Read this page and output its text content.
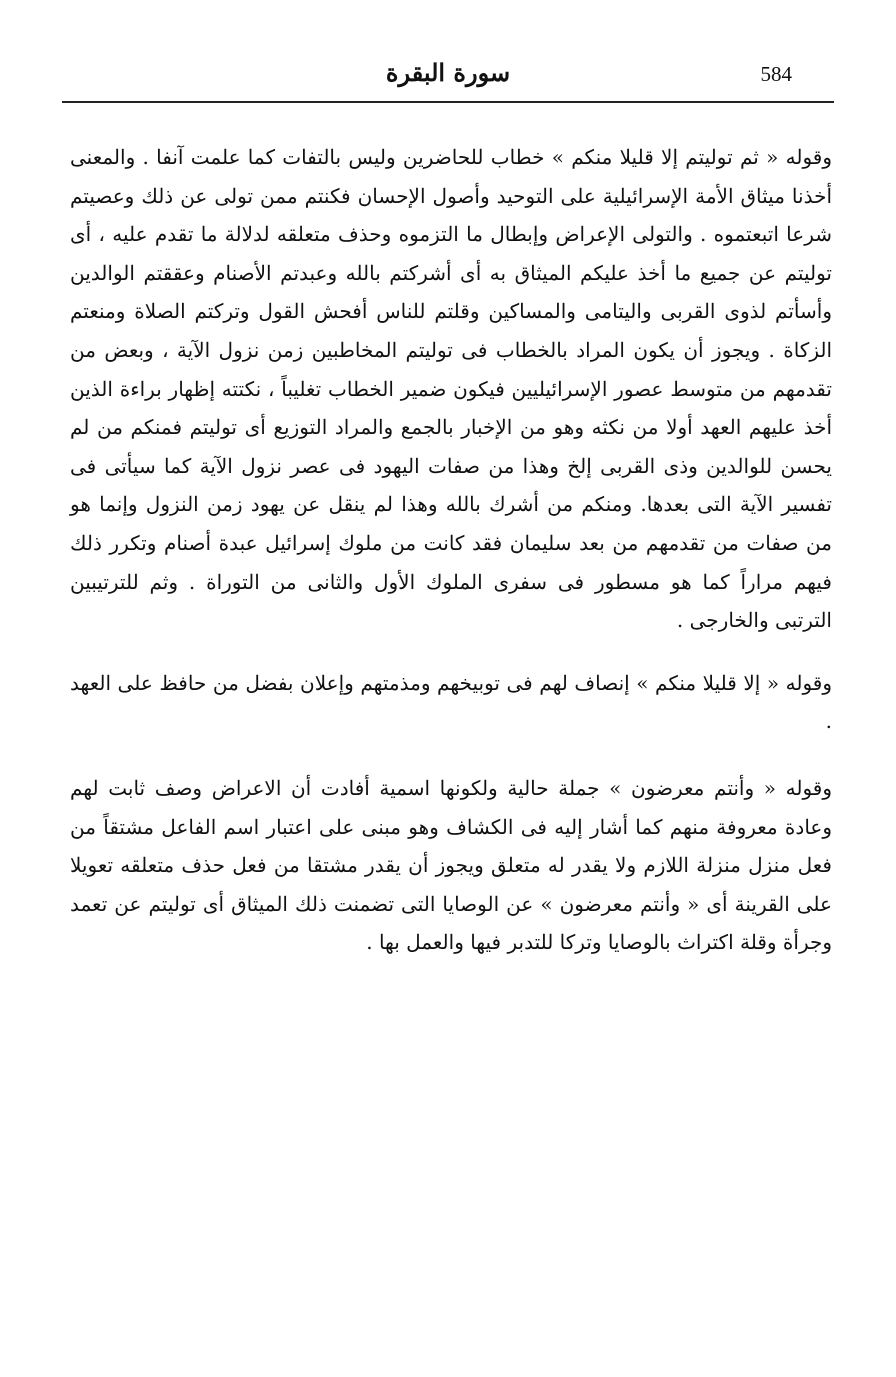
سورة البقرة	584

وقوله « ثم توليتم إلا قليلا منكم » خطاب للحاضرين وليس بالتفات كما علمت آنفا . والمعنى أخذنا ميثاق الأمة الإسرائيلية على التوحيد وأصول الإحسان فكنتم ممن تولى عن ذلك وعصيتم شرعا اتبعتموه . والتولى الإعراض وإبطال ما التزموه وحذف متعلقه لدلالة ما تقدم عليه ، أى توليتم عن جميع ما أخذ عليكم الميثاق به أى أشركتم بالله وعبدتم الأصنام وعققتم الوالدين وأسأتم لذوى القربى واليتامى والمساكين وقلتم للناس أفحش القول وتركتم الصلاة ومنعتم الزكاة . ويجوز أن يكون المراد بالخطاب فى توليتم المخاطبين زمن نزول الآية ، وبعض من تقدمهم من متوسط عصور الإسرائيليين فيكون ضمير الخطاب تغليباً ، نكتته إظهار براءة الذين أخذ عليهم العهد أولا من نكثه وهو من الإخبار بالجمع والمراد التوزيع أى توليتم فمنكم من لم يحسن للوالدين وذى القربى إلخ وهذا من صفات اليهود فى عصر نزول الآية كما سيأتى فى تفسير الآية التى بعدها. ومنكم من أشرك بالله وهذا لم ينقل عن يهود زمن النزول وإنما هو من صفات من تقدمهم من بعد سليمان فقد كانت من ملوك إسرائيل عبدة أصنام وتكرر ذلك فيهم مراراً كما هو مسطور فى سفرى الملوك الأول والثانى من التوراة . وثم للترتيبين الترتبى والخارجى .

وقوله « إلا قليلا منكم » إنصاف لهم فى توبيخهم ومذمتهم وإعلان بفضل من حافظ على العهد .

وقوله « وأنتم معرضون » جملة حالية ولكونها اسمية أفادت أن الاعراض وصف ثابت لهم وعادة معروفة منهم كما أشار إليه فى الكشاف وهو مبنى على اعتبار اسم الفاعل مشتقاً من فعل منزل منزلة اللازم ولا يقدر له متعلق ويجوز أن يقدر مشتقا من فعل حذف متعلقه تعويلا على القرينة أى « وأنتم معرضون » عن الوصايا التى تضمنت ذلك الميثاق أى توليتم عن تعمد وجرأة وقلة اكتراث بالوصايا وتركا للتدبر فيها والعمل بها .
